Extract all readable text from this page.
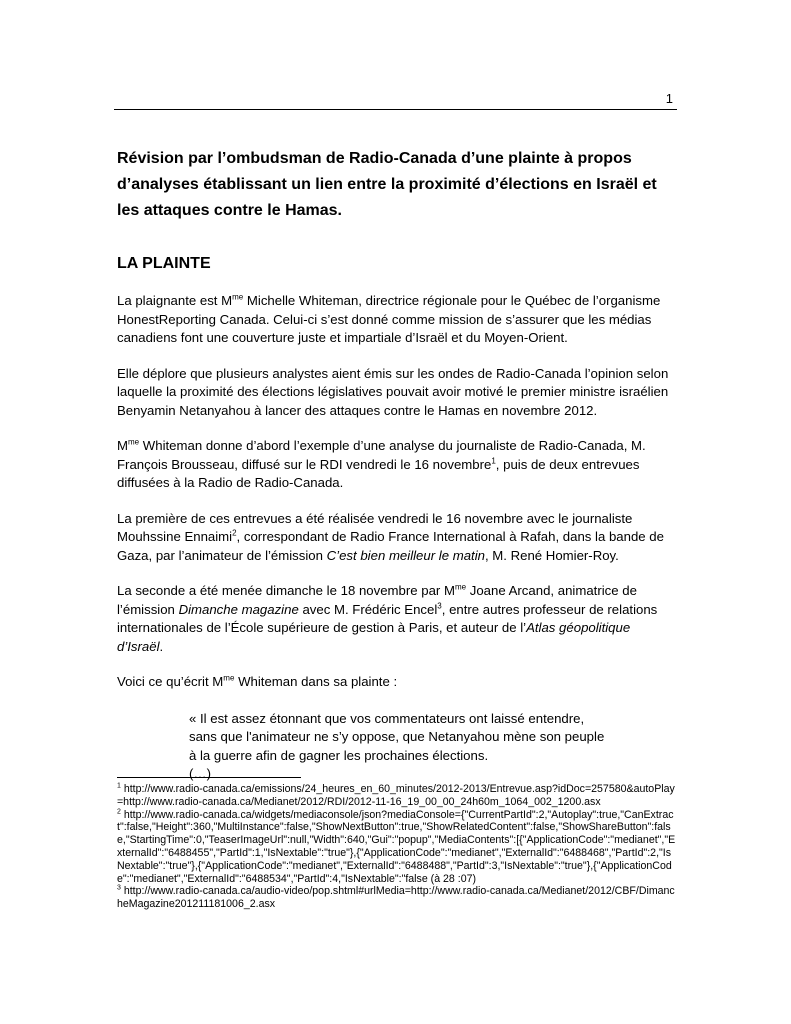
1
Révision par l’ombudsman de Radio-Canada d’une plainte à propos d’analyses établissant un lien entre la proximité d’élections en Israël et les attaques contre le Hamas.
LA PLAINTE

La plaignante est $M^{me}$ Michelle Whiteman, directrice régionale pour le Québec de l’organisme HonestReporting Canada. Celui-ci s’est donné comme mission de s’assurer que les médias canadiens font une couverture juste et impartiale d’Israël et du Moyen-Orient.

Elle déplore que plusieurs analystes aient émis sur les ondes de Radio-Canada l’opinion selon laquelle la proximité des élections législatives pouvait avoir motivé le premier ministre israélien Benyamin Netanyahou à lancer des attaques contre le Hamas en novembre 2012.

$M^{me}$ Whiteman donne d’abord l’exemple d’une analyse du journaliste de Radio-Canada, M. François Brousseau, diffusé sur le RDI vendredi le 16 novembre$^1$, puis de deux entrevues diffusées à la Radio de Radio-Canada.

La première de ces entrevues a été réalisée vendredi le 16 novembre avec le journaliste Mouhssine Ennaimi$^2$, correspondant de Radio France International à Rafah, dans la bande de Gaza, par l’animateur de l’émission C’est bien meilleur le matin, M. René Homier-Roy.

La seconde a été menée dimanche le 18 novembre par $M^{me}$ Joane Arcand, animatrice de l’émission Dimanche magazine avec M. Frédéric Encel$^3$, entre autres professeur de relations internationales de l’École supérieure de gestion à Paris, et auteur de l’Atlas géopolitique d’Israël.

Voici ce qu’écrit $M^{me}$ Whiteman dans sa plainte :

« Il est assez étonnant que vos commentateurs ont laissé entendre, sans que l'animateur ne s’y oppose, que Netanyahou mène son peuple à la guerre afin de gagner les prochaines élections.
(…)

$^1$ http://www.radio-canada.ca/emissions/24_heures_en_60_minutes/2012-2013/Entrevue.asp?idDoc=257580&autoPlay=http://www.radio-canada.ca/Medianet/2012/RDI/2012-11-16_19_00_00_24h60m_1064_002_1200.asx

$^2$ http://www.radio-canada.ca/widgets/mediaconsole/json?mediaConsole={"CurrentPartId":2,"Autoplay":true,"CanExtract":false,"Height":360,"MultiInstance":false,"ShowNextButton":true,"ShowRelatedContent":false,"ShowShareButton":false,"StartingTime":0,"TeaserImageUrl":null,"Width":640,"Gui":"popup","MediaContents":[{"ApplicationCode":"medianet","ExternalId":"6488455","PartId":1,"IsNextable":"true"},{"ApplicationCode":"medianet","ExternalId":"6488468","PartId":2,"IsNextable":"true"},{"ApplicationCode":"medianet","ExternalId":"6488488","PartId":3,"IsNextable":"true"},{"ApplicationCode":"medianet","ExternalId":"6488534","PartId":4,"IsNextable":"false (à 28 :07)

$^3$ http://www.radio-canada.ca/audio-video/pop.shtml#urlMedia=http://www.radio-canada.ca/Medianet/2012/CBF/DimancheMagazine201211181006_2.asx
